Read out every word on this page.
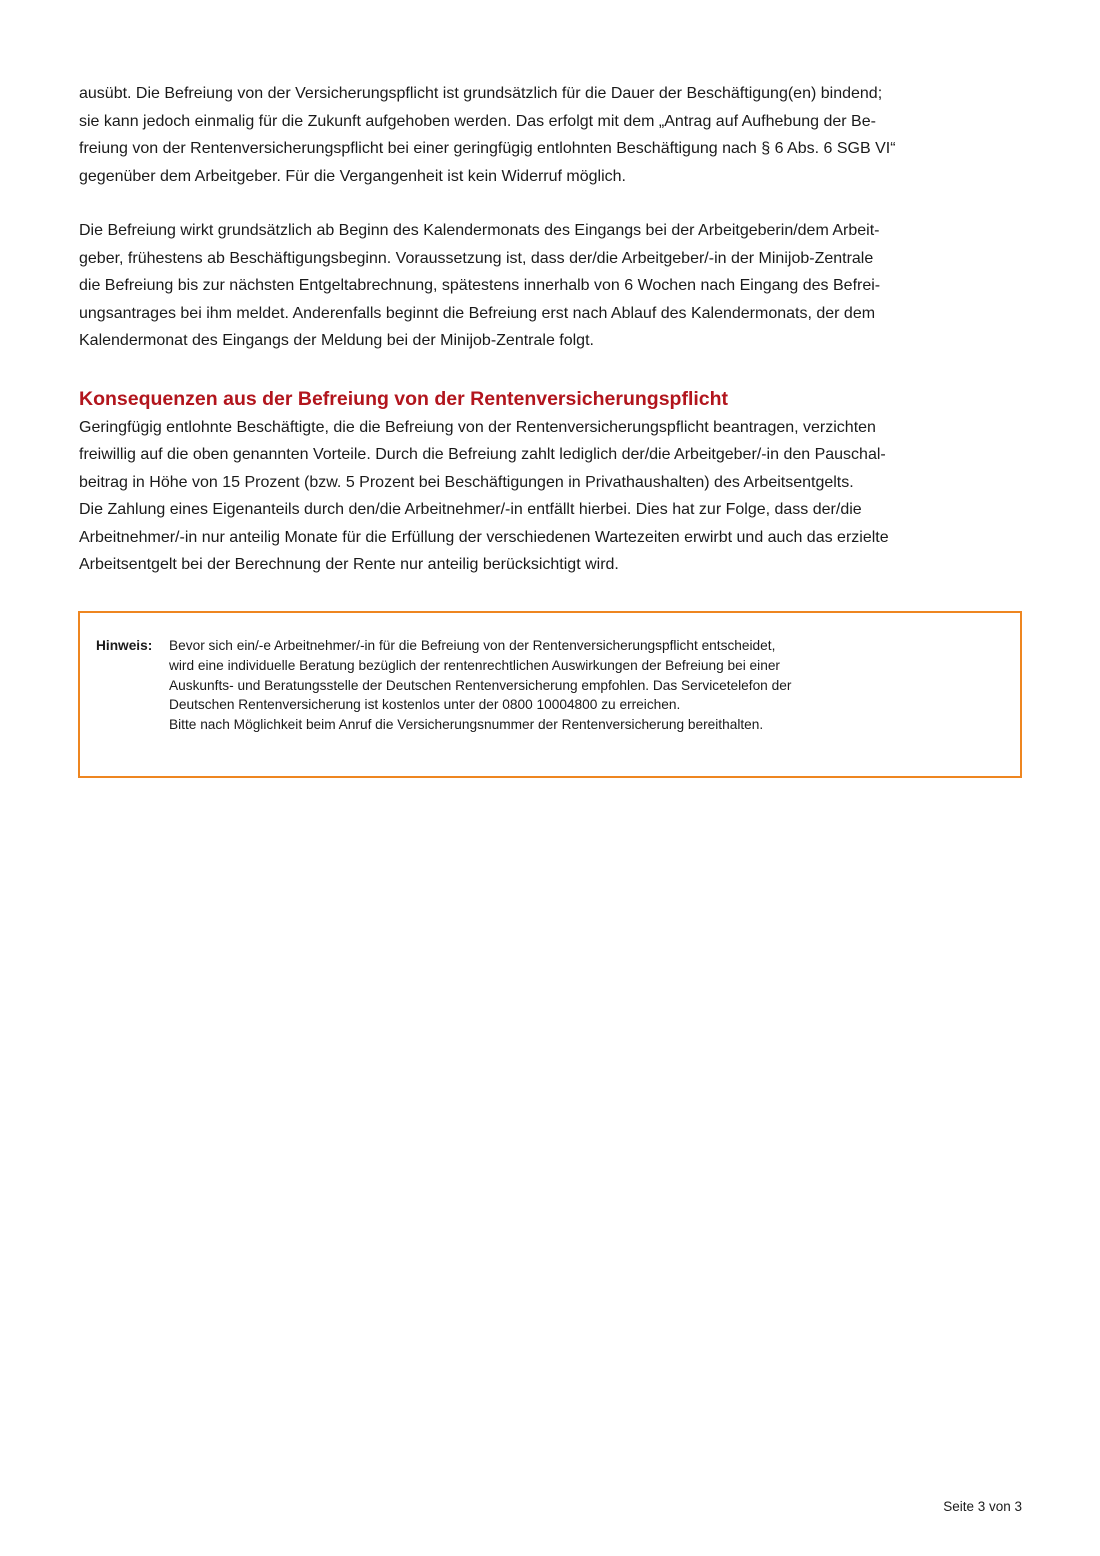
ausübt. Die Befreiung von der Versicherungspflicht ist grundsätzlich für die Dauer der Beschäftigung(en) bindend;
sie kann jedoch einmalig für die Zukunft aufgehoben werden. Das erfolgt mit dem „Antrag auf Aufhebung der Be-
freiung von der Rentenversicherungspflicht bei einer geringfügig entlohnten Beschäftigung nach § 6 Abs. 6 SGB VI“
gegenüber dem Arbeitgeber. Für die Vergangenheit ist kein Widerruf möglich.

Die Befreiung wirkt grundsätzlich ab Beginn des Kalendermonats des Eingangs bei der Arbeitgeberin/dem Arbeit-
geber, frühestens ab Beschäftigungsbeginn. Voraussetzung ist, dass der/die Arbeitgeber/-in der Minijob-Zentrale
die Befreiung bis zur nächsten Entgeltabrechnung, spätestens innerhalb von 6 Wochen nach Eingang des Befrei-
ungsantrages bei ihm meldet. Anderenfalls beginnt die Befreiung erst nach Ablauf des Kalendermonats, der dem
Kalendermonat des Eingangs der Meldung bei der Minijob-Zentrale folgt.

Konsequenzen aus der Befreiung von der Rentenversicherungspflicht

Geringfügig entlohnte Beschäftigte, die die Befreiung von der Rentenversicherungspflicht beantragen, verzichten
freiwillig auf die oben genannten Vorteile. Durch die Befreiung zahlt lediglich der/die Arbeitgeber/-in den Pauschal-
beitrag in Höhe von 15 Prozent (bzw. 5 Prozent bei Beschäftigungen in Privathaushalten) des Arbeitsentgelts.
Die Zahlung eines Eigenanteils durch den/die Arbeitnehmer/-in entfällt hierbei. Dies hat zur Folge, dass der/die
Arbeitnehmer/-in nur anteilig Monate für die Erfüllung der verschiedenen Wartezeiten erwirbt und auch das erzielte
Arbeitsentgelt bei der Berechnung der Rente nur anteilig berücksichtigt wird.

Hinweis: Bevor sich ein/-e Arbeitnehmer/-in für die Befreiung von der Rentenversicherungspflicht entscheidet,
wird eine individuelle Beratung bezüglich der rentenrechtlichen Auswirkungen der Befreiung bei einer
Auskunfts- und Beratungsstelle der Deutschen Rentenversicherung empfohlen. Das Servicetelefon der
Deutschen Rentenversicherung ist kostenlos unter der 0800 10004800 zu erreichen.
Bitte nach Möglichkeit beim Anruf die Versicherungsnummer der Rentenversicherung bereithalten.
Seite 3 von 3
